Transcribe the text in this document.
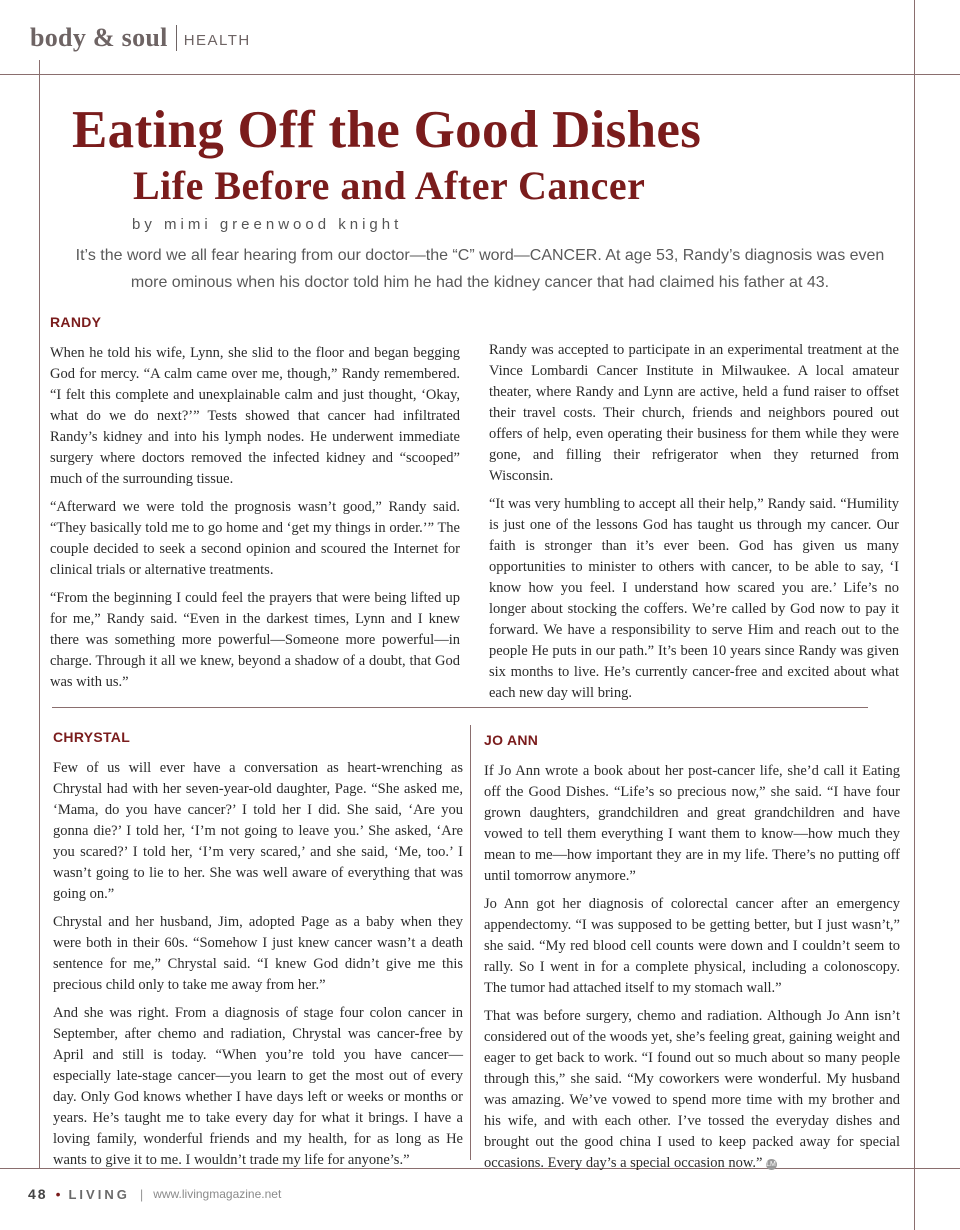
body & soul HEALTH
Eating Off the Good Dishes
Life Before and After Cancer
by mimi greenwood knight
It’s the word we all fear hearing from our doctor—the “C” word—CANCER. At age 53, Randy’s diagnosis was even more ominous when his doctor told him he had the kidney cancer that had claimed his father at 43.
RANDY

When he told his wife, Lynn, she slid to the floor and began begging God for mercy. “A calm came over me, though,” Randy remembered. “I felt this complete and unexplainable calm and just thought, ‘Okay, what do we do next?’” Tests showed that cancer had infiltrated Randy’s kidney and into his lymph nodes. He underwent immediate surgery where doctors removed the infected kidney and “scooped” much of the surrounding tissue.

“Afterward we were told the prognosis wasn’t good,” Randy said. “They basically told me to go home and ‘get my things in order.’” The couple decided to seek a second opinion and scoured the Internet for clinical trials or alternative treatments.

“From the beginning I could feel the prayers that were being lifted up for me,” Randy said. “Even in the darkest times, Lynn and I knew there was something more powerful—Someone more powerful—in charge. Through it all we knew, beyond a shadow of a doubt, that God was with us.”

Randy was accepted to participate in an experimental treatment at the Vince Lombardi Cancer Institute in Milwaukee. A local amateur theater, where Randy and Lynn are active, held a fund raiser to offset their travel costs. Their church, friends and neighbors poured out offers of help, even operating their business for them while they were gone, and filling their refrigerator when they returned from Wisconsin.

“It was very humbling to accept all their help,” Randy said. “Humility is just one of the lessons God has taught us through my cancer. Our faith is stronger than it’s ever been. God has given us many opportunities to minister to others with cancer, to be able to say, ‘I know how you feel. I understand how scared you are.’ Life’s no longer about stocking the coffers. We’re called by God now to pay it forward. We have a responsibility to serve Him and reach out to the people He puts in our path.” It’s been 10 years since Randy was given six months to live. He’s currently cancer-free and excited about what each new day will bring.

CHRYSTAL

Few of us will ever have a conversation as heart-wrenching as Chrystal had with her seven-year-old daughter, Page. “She asked me, ‘Mama, do you have cancer?’ I told her I did. She said, ‘Are you gonna die?’ I told her, ‘I’m not going to leave you.’ She asked, ‘Are you scared?’ I told her, ‘I’m very scared,’ and she said, ‘Me, too.’ I wasn’t going to lie to her. She was well aware of everything that was going on.”

Chrystal and her husband, Jim, adopted Page as a baby when they were both in their 60s. “Somehow I just knew cancer wasn’t a death sentence for me,” Chrystal said. “I knew God didn’t give me this precious child only to take me away from her.”

And she was right. From a diagnosis of stage four colon cancer in September, after chemo and radiation, Chrystal was cancer-free by April and still is today. “When you’re told you have cancer—especially late-stage cancer—you learn to get the most out of every day. Only God knows whether I have days left or weeks or months or years. He’s taught me to take every day for what it brings. I have a loving family, wonderful friends and my health, for as long as He wants to give it to me. I wouldn’t trade my life for anyone’s.”

JO ANN

If Jo Ann wrote a book about her post-cancer life, she’d call it Eating off the Good Dishes. “Life’s so precious now,” she said. “I have four grown daughters, grandchildren and great grandchildren and have vowed to tell them everything I want them to know—how much they mean to me—how important they are in my life. There’s no putting off until tomorrow anymore.”

Jo Ann got her diagnosis of colorectal cancer after an emergency appendectomy. “I was supposed to be getting better, but I just wasn’t,” she said. “My red blood cell counts were down and I couldn’t seem to rally. So I went in for a complete physical, including a colonoscopy. The tumor had attached itself to my stomach wall.”

That was before surgery, chemo and radiation. Although Jo Ann isn’t considered out of the woods yet, she’s feeling great, gaining weight and eager to get back to work. “I found out so much about so many people through this,” she said. “My coworkers were wonderful. My husband was amazing. We’ve vowed to spend more time with my brother and his wife, and with each other. I’ve tossed the everyday dishes and brought out the good china I used to keep packed away for special occasions. Every day’s a special occasion now.” LM

48 • LIVING | www.livingmagazine.net
